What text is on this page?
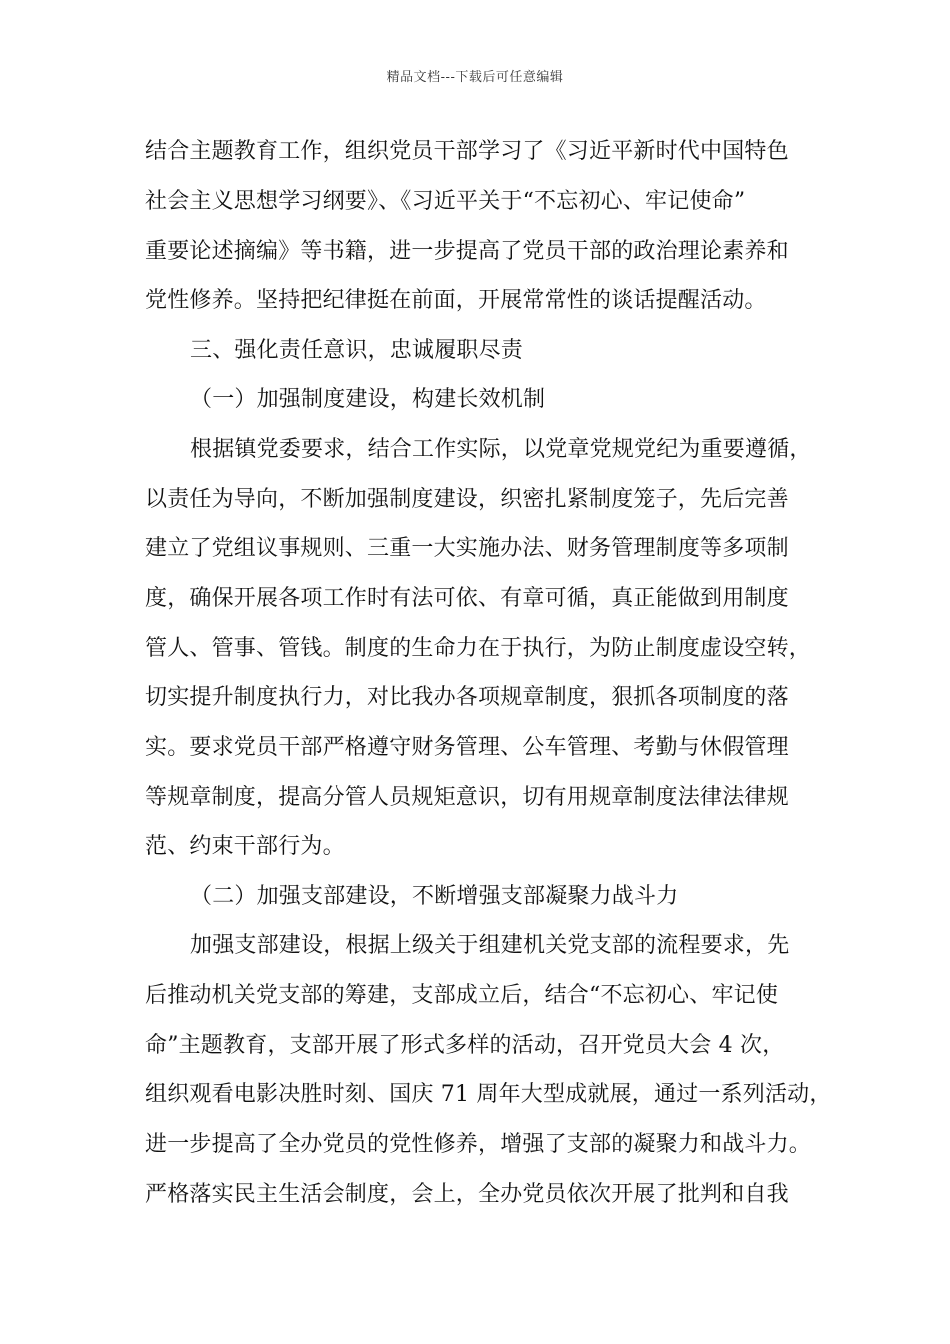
精品文档---下载后可任意编辑
结合主题教育工作，组织党员干部学习了《习近平新时代中国特色
社会主义思想学习纲要》、《习近平关于“不忘初心、牢记使命”
重要论述摘编》等书籍，进一步提高了党员干部的政治理论素养和
党性修养。坚持把纪律挺在前面，开展常常性的谈话提醒活动。
三、强化责任意识，忠诚履职尽责
（一）加强制度建设，构建长效机制
根据镇党委要求，结合工作实际，以党章党规党纪为重要遵循，
以责任为导向，不断加强制度建设，织密扎紧制度笼子，先后完善
建立了党组议事规则、三重一大实施办法、财务管理制度等多项制
度，确保开展各项工作时有法可依、有章可循，真正能做到用制度
管人、管事、管钱。制度的生命力在于执行，为防止制度虚设空转，
切实提升制度执行力，对比我办各项规章制度，狠抓各项制度的落
实。要求党员干部严格遵守财务管理、公车管理、考勤与休假管理
等规章制度，提高分管人员规矩意识，切有用规章制度法律法律规
范、约束干部行为。
（二）加强支部建设，不断增强支部凝聚力战斗力
加强支部建设，根据上级关于组建机关党支部的流程要求，先
后推动机关党支部的筹建，支部成立后，结合“不忘初心、牢记使
命”主题教育，支部开展了形式多样的活动，召开党员大会 4 次，
组织观看电影决胜时刻、国庆 71 周年大型成就展，通过一系列活动，
进一步提高了全办党员的党性修养，增强了支部的凝聚力和战斗力。
严格落实民主生活会制度，会上，全办党员依次开展了批判和自我
